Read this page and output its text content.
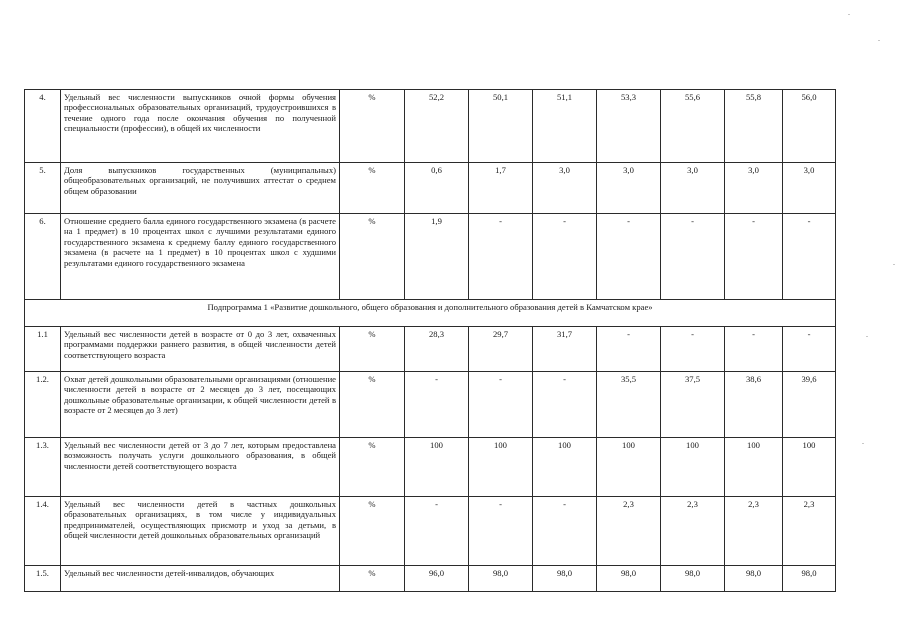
4.	Удельный вес численности выпускников очной формы обучения профессиональных образовательных организаций, трудоустроившихся в течение одного года после окончания обучения по полученной специальности (профессии), в общей их численности	%	52,2	50,1	51,1	53,3	55,6	55,8	56,0
5.	Доля выпускников государственных (муниципальных) общеобразовательных организаций, не получивших аттестат о среднем общем образовании	%	0,6	1,7	3,0	3,0	3,0	3,0	3,0
6.	Отношение среднего балла единого государственного экзамена (в расчете на 1 предмет) в 10 процентах школ с лучшими результатами единого государственного экзамена к среднему баллу единого государственного экзамена (в расчете на 1 предмет) в 10 процентах школ с худшими результатами единого государственного экзамена	%	1,9	-	-	-	-	-	-
Подпрограмма 1 «Развитие дошкольного, общего образования и дополнительного образования детей в Камчатском крае»									
1.1	Удельный вес численности детей в возрасте от 0 до 3 лет, охваченных программами поддержки раннего развития, в общей численности детей соответствующего возраста	%	28,3	29,7	31,7	-	-	-	-
1.2.	Охват детей дошкольными образовательными организациями (отношение численности детей в возрасте от 2 месяцев до 3 лет, посещающих дошкольные образовательные организации, к общей численности детей в возрасте от 2 месяцев до 3 лет)	%	-	-	-	35,5	37,5	38,6	39,6
1.3.	Удельный вес численности детей от 3 до 7 лет, которым предоставлена возможность получать услуги дошкольного образования, в общей численности детей соответствующего возраста	%	100	100	100	100	100	100	100
1.4.	Удельный вес численности детей в частных дошкольных образовательных организациях, в том числе у индивидуальных предпринимателей, осуществляющих присмотр и уход за детьми, в общей численности детей дошкольных образовательных организаций	%	-	-	-	2,3	2,3	2,3	2,3
1.5.	Удельный вес численности детей-инвалидов, обучающих	%	96,0	98,0	98,0	98,0	98,0	98,0	98,0
